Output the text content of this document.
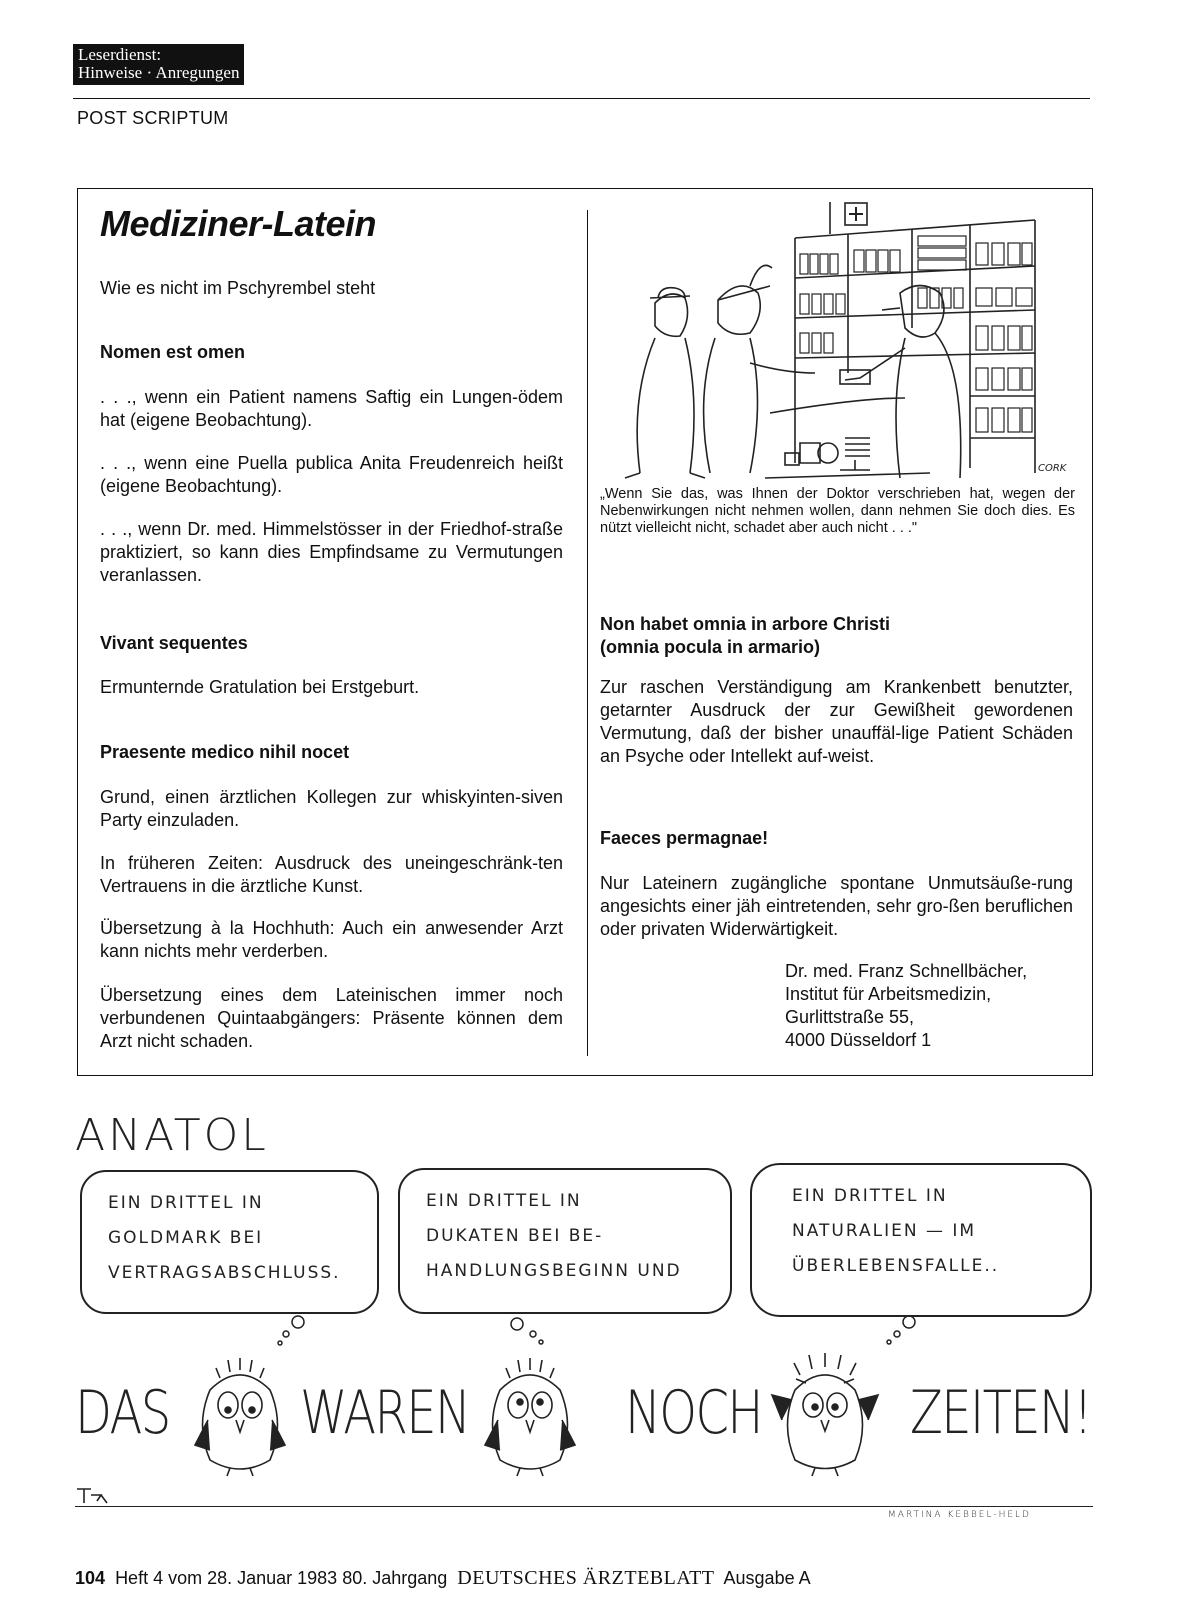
Leserdienst:
Hinweise · Anregungen
POST SCRIPTUM
Mediziner-Latein
Wie es nicht im Pschyrembel steht
Nomen est omen
. . ., wenn ein Patient namens Saftig ein Lungen-ödem hat (eigene Beobachtung).
. . ., wenn eine Puella publica Anita Freudenreich heißt (eigene Beobachtung).
. . ., wenn Dr. med. Himmelstösser in der Friedhof-straße praktiziert, so kann dies Empfindsame zu Vermutungen veranlassen.
Vivant sequentes
Ermunternde Gratulation bei Erstgeburt.
Praesente medico nihil nocet
Grund, einen ärztlichen Kollegen zur whiskyinten-siven Party einzuladen.
In früheren Zeiten: Ausdruck des uneingeschränk-ten Vertrauens in die ärztliche Kunst.
Übersetzung à la Hochhuth: Auch ein anwesender Arzt kann nichts mehr verderben.
Übersetzung eines dem Lateinischen immer noch verbundenen Quintaabgängers: Präsente können dem Arzt nicht schaden.
CORK
„Wenn Sie das, was Ihnen der Doktor verschrieben hat, wegen der Nebenwirkungen nicht nehmen wollen, dann nehmen Sie doch dies. Es nützt vielleicht nicht, schadet aber auch nicht . . ."
Non habet omnia in arbore Christi
(omnia pocula in armario)
Zur raschen Verständigung am Krankenbett benutzter, getarnter Ausdruck der zur Gewißheit gewordenen Vermutung, daß der bisher unauffäl-lige Patient Schäden an Psyche oder Intellekt auf-weist.
Faeces permagnae!
Nur Lateinern zugängliche spontane Unmutsäuße-rung angesichts einer jäh eintretenden, sehr gro-ßen beruflichen oder privaten Widerwärtigkeit.
Dr. med. Franz Schnellbächer,
Institut für Arbeitsmedizin,
Gurlittstraße 55,
4000 Düsseldorf 1
ANATOL
EIN DRITTEL IN
GOLDMARK BEI
VERTRAGSABSCHLUSS.
EIN DRITTEL IN
DUKATEN BEI BE-
HANDLUNGSBEGINN UND
EIN DRITTEL IN
NATURALIEN — IM
ÜBERLEBENSFALLE..
DAS WAREN	NOCH ZEITEN!
MARTINA KEBBEL-HELD
104 Heft 4 vom 28. Januar 1983 80. Jahrgang DEUTSCHES ÄRZTEBLATT Ausgabe A
